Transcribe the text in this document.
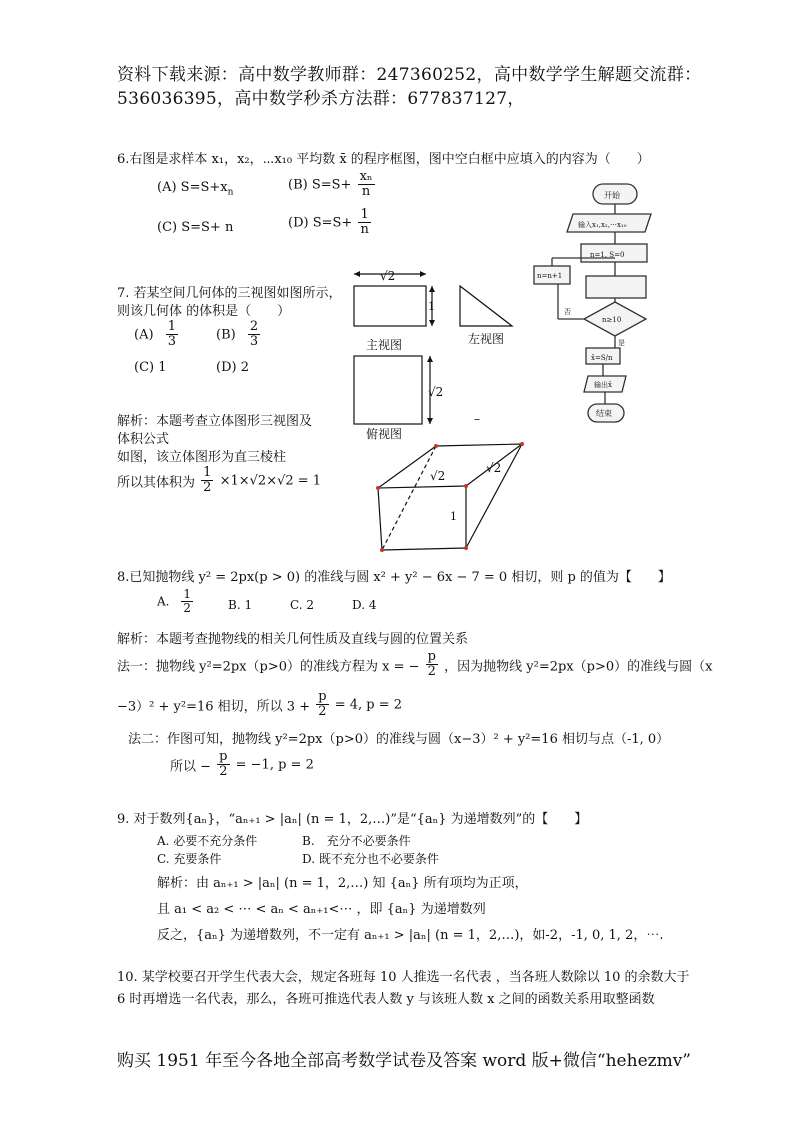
资料下载来源：高中数学教师群：247360252，高中数学学生解题交流群：
536036395，高中数学秒杀方法群：677837127，
6.右图是求样本 x₁，x₂，⋯x₁₀ 平均数 x̄ 的程序框图，图中空白框中应填入的内容为（　　）
(A) $S=S+x_n$
(B) $S=S+ \frac{\text{xₙ}}{n}$
(C) S=S+ n	(D) $S=S+ \frac{1}{n}$
开始
输入x₁,x₂,⋯x₁₀
n=1, S=0
n=n+1
n≥10
否
是
x̄=S/n
输出x̄
结束
7. 若某空间几何体的三视图如图所示，
则该几何体 的体积是（　　）
$(A) \frac{1}{3}$	$(B) \frac{2}{3}$
(C) 1	(D) 2
√2
1
√2
主视图	左视图
俯视图
–
解析：本题考查立体图形三视图及
体积公式
如图，该立体图形为直三棱柱
所以其体积为 $\frac{1}{2} \times 1\times√2\times√2 = 1$	√2
√2
1
8.已知抛物线 y² = 2px(p > 0) 的准线与圆 x² + y² − 6x − 7 = 0 相切，则 p 的值为【　　】
A. $\frac{1}{2}$	B. 1	C. 2	D. 4
解析：本题考查抛物线的相关几何性质及直线与圆的位置关系
法一：抛物线 y²=2px（p>0）的准线方程为 x = − $\frac{p}{2}$ ，因为抛物线 y²=2px（p>0）的准线与圆（x
−3）² + y²=16 相切，所以 $3 + \frac{p}{2} = 4$, p = 2
法二：作图可知，抛物线 y²=2px（p>0）的准线与圆（x−3）² + y²=16 相切与点（-1, 0）
所以 − $\frac{p}{2} = -1$, p = 2
9. 对于数列{aₙ}，“aₙ₊₁ > |aₙ| (n = 1，2,…)”是“{aₙ} 为递增数列”的【　　】
A. 必要不充分条件	B.　充分不必要条件
C. 充要条件	D. 既不充分也不必要条件
解析：由 aₙ₊₁ > |aₙ| (n = 1，2,…) 知 {aₙ} 所有项均为正项，
且 a₁ < a₂ < ⋯ < aₙ < aₙ₊₁<⋯ ，即 {aₙ} 为递增数列
反之，{aₙ} 为递增数列，不一定有 aₙ₊₁ > |aₙ| (n = 1，2,…)，如-2，-1, 0, 1, 2，⋯.
10. 某学校要召开学生代表大会，规定各班每 10 人推选一名代表 ，当各班人数除以 10 的余数大于
6 时再增选一名代表，那么，各班可推选代表人数 y 与该班人数 x 之间的函数关系用取整函数
购买 1951 年至今各地全部高考数学试卷及答案 word 版+微信“hehezmv”
